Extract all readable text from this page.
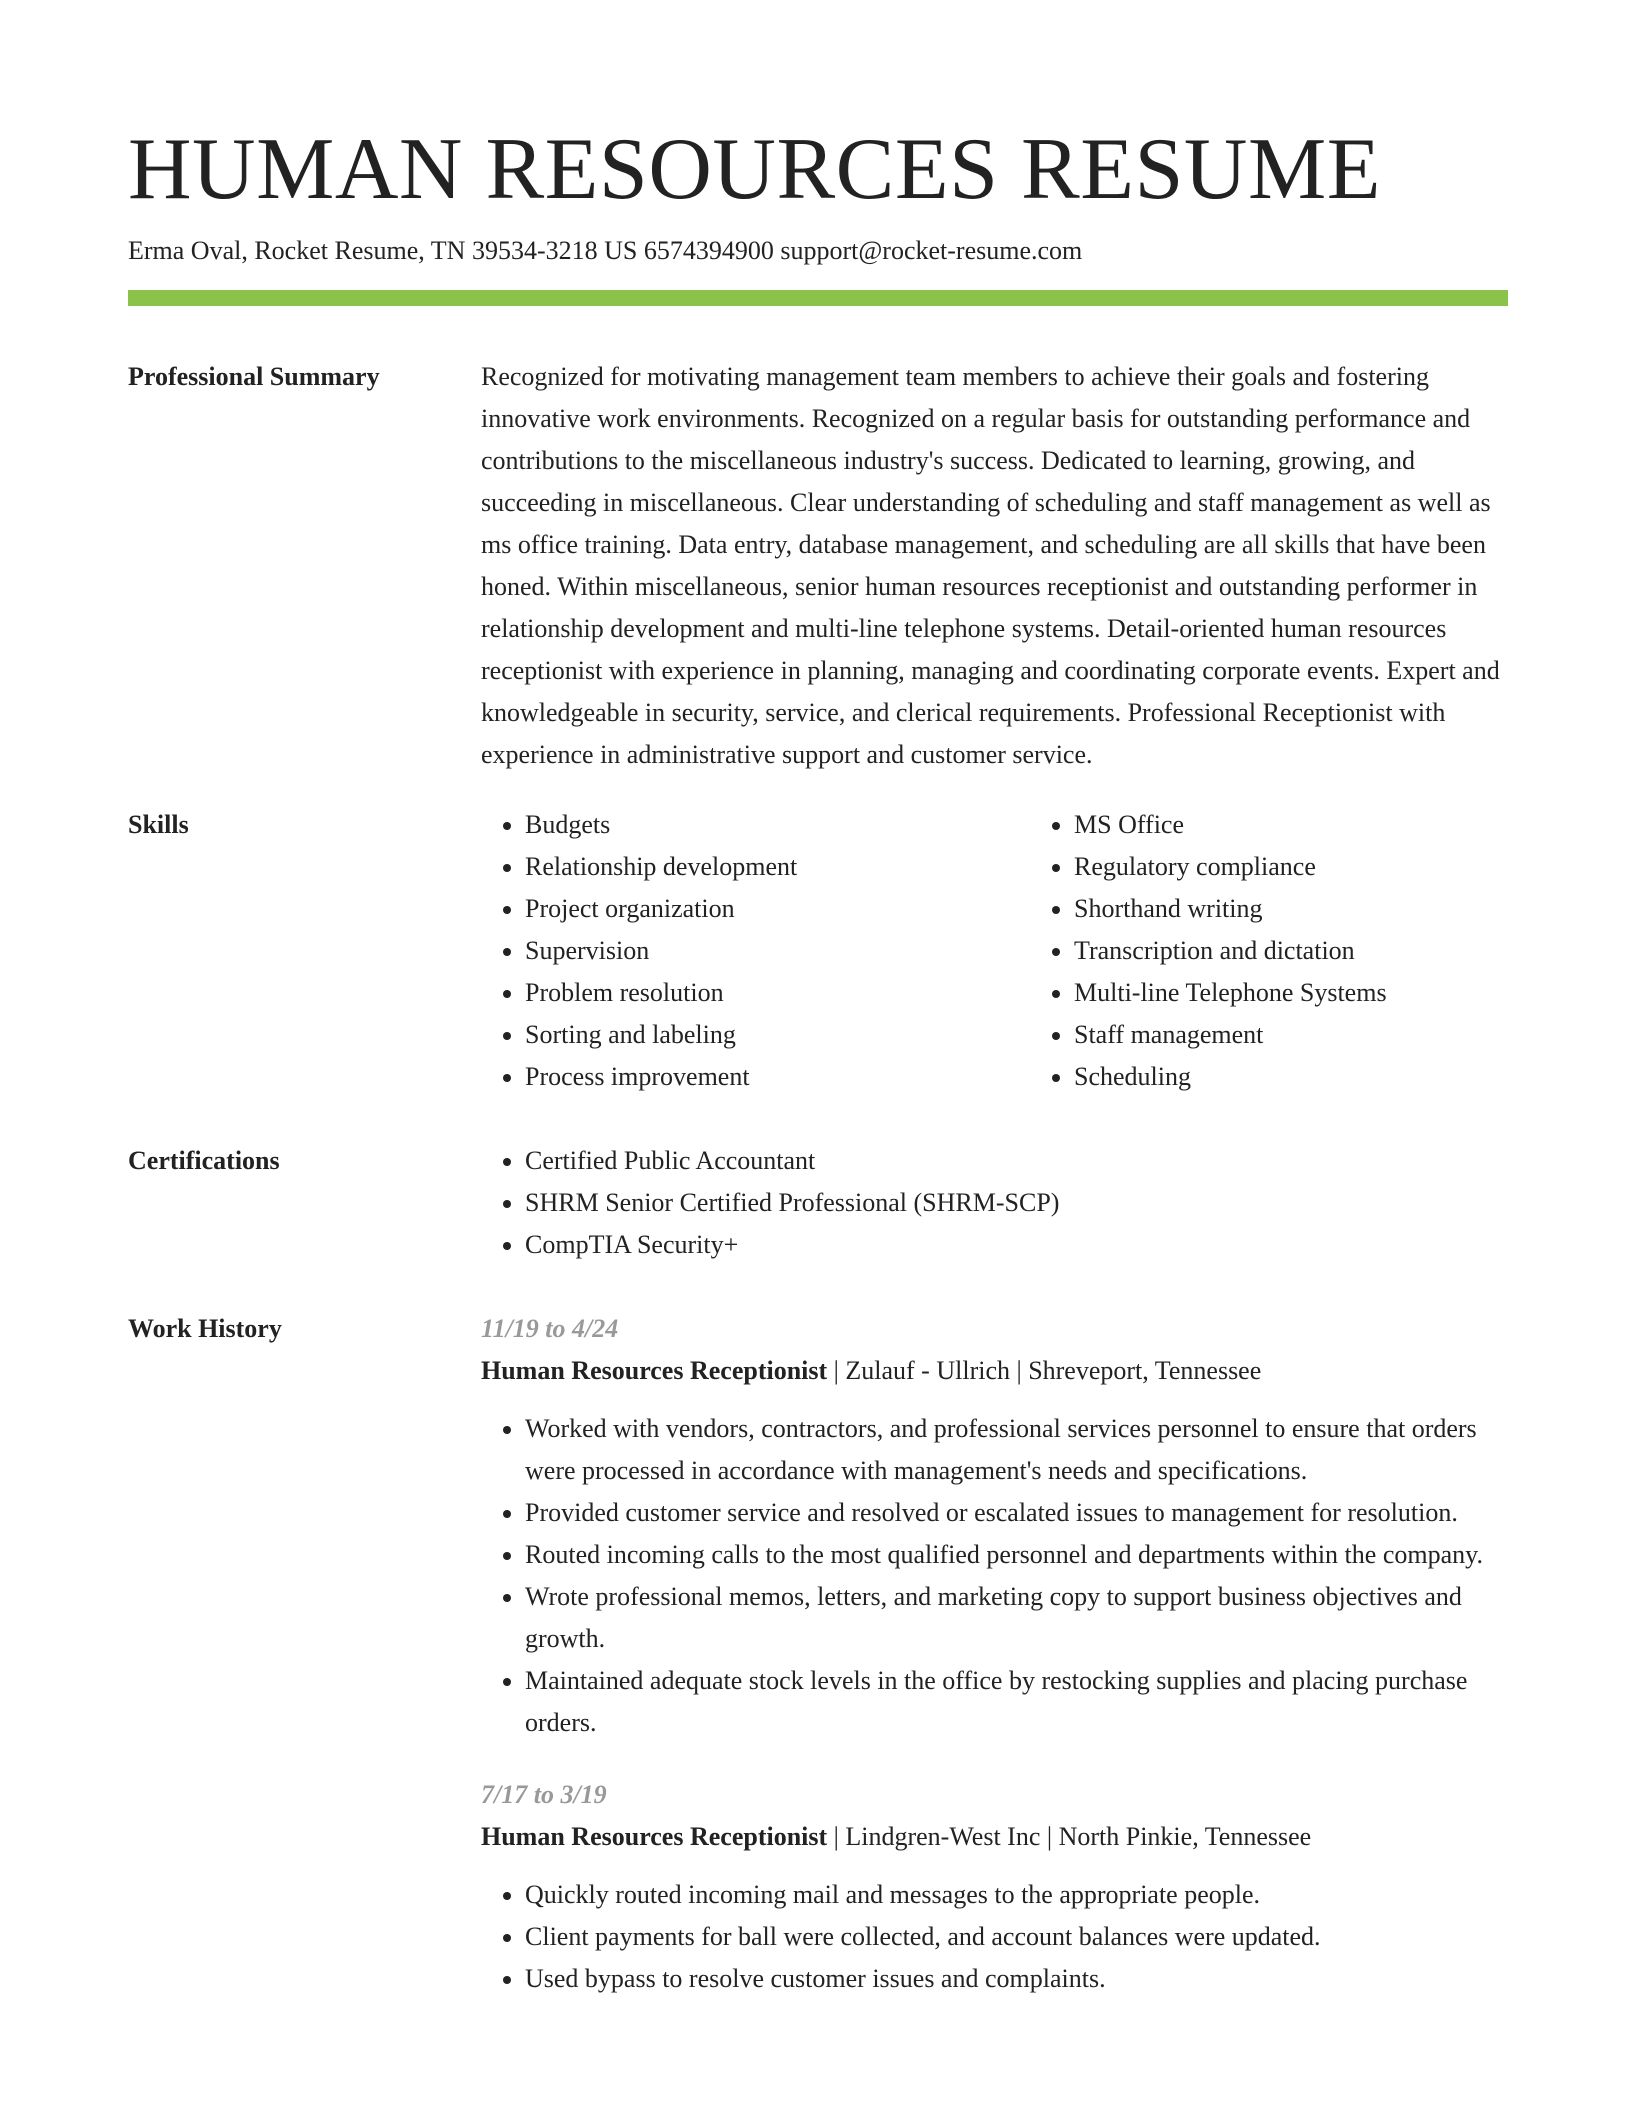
HUMAN RESOURCES RESUME
Erma Oval, Rocket Resume, TN 39534-3218 US 6574394900 support@rocket-resume.com
Professional Summary	Recognized for motivating management team members to achieve their goals and fostering innovative work environments. Recognized on a regular basis for outstanding performance and contributions to the miscellaneous industry's success. Dedicated to learning, growing, and succeeding in miscellaneous. Clear understanding of scheduling and staff management as well as ms office training. Data entry, database management, and scheduling are all skills that have been honed. Within miscellaneous, senior human resources receptionist and outstanding performer in relationship development and multi-line telephone systems. Detail-oriented human resources receptionist with experience in planning, managing and coordinating corporate events. Expert and knowledgeable in security, service, and clerical requirements. Professional Receptionist with experience in administrative support and customer service.
Skills	• Budgets
• Relationship development
• Project organization
• Supervision
• Problem resolution
• Sorting and labeling
• Process improvement
• MS Office
• Regulatory compliance
• Shorthand writing
• Transcription and dictation
• Multi-line Telephone Systems
• Staff management
• Scheduling
Certifications	• Certified Public Accountant
• SHRM Senior Certified Professional (SHRM-SCP)
• CompTIA Security+
Work History	11/19 to 4/24
Human Resources Receptionist | Zulauf - Ullrich | Shreveport, Tennessee
• Worked with vendors, contractors, and professional services personnel to ensure that orders were processed in accordance with management's needs and specifications.
• Provided customer service and resolved or escalated issues to management for resolution.
• Routed incoming calls to the most qualified personnel and departments within the company.
• Wrote professional memos, letters, and marketing copy to support business objectives and growth.
• Maintained adequate stock levels in the office by restocking supplies and placing purchase orders.
7/17 to 3/19
Human Resources Receptionist | Lindgren-West Inc | North Pinkie, Tennessee
• Quickly routed incoming mail and messages to the appropriate people.
• Client payments for ball were collected, and account balances were updated.
• Used bypass to resolve customer issues and complaints.
